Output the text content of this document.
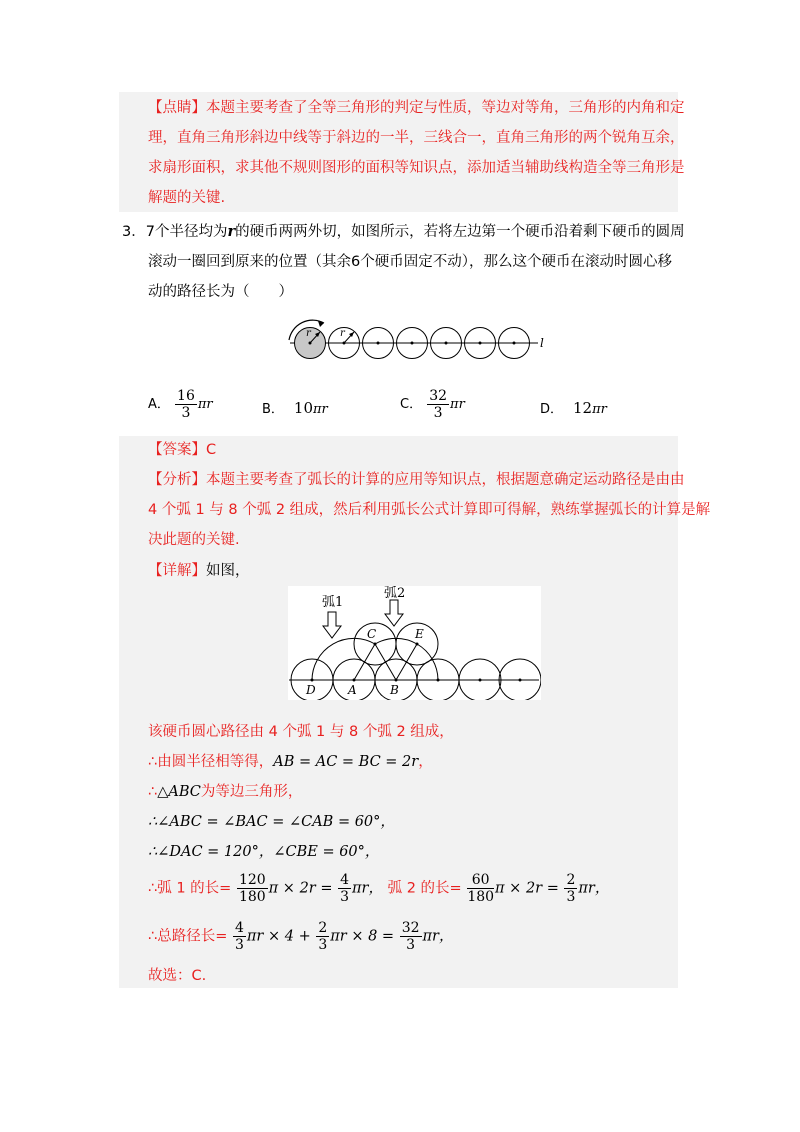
【点睛】本题主要考查了全等三角形的判定与性质，等边对等角，三角形的内角和定
理，直角三角形斜边中线等于斜边的一半，三线合一，直角三角形的两个锐角互余，
求扇形面积，求其他不规则图形的面积等知识点，添加适当辅助线构造全等三角形是
解题的关键.
3．7个半径均为r的硬币两两外切，如图所示，若将左边第一个硬币沿着剩下硬币的圆周
滚动一圈回到原来的位置（其余6个硬币固定不动），那么这个硬币在滚动时圆心移
动的路径长为（　　）
r	r
l
A． $\frac{16}{3}$ πr	B． 10πr	C． $\frac{32}{3}$ πr	D． 12πr
【答案】C
【分析】本题主要考查了弧长的计算的应用等知识点，根据题意确定运动路径是由由
4 个弧 1 与 8 个弧 2 组成，然后利用弧长公式计算即可得解，熟练掌握弧长的计算是解
决此题的关键.
【详解】如图，
弧1
弧2
C	E
D	A	B
该硬币圆心路径由 4 个弧 1 与 8 个弧 2 组成，
∴由圆半径相等得，AB = AC = BC = 2r，
∴△ABC为等边三角形，
∴∠ABC = ∠BAC = ∠CAB = 60°，
∴∠DAC = 120°，∠CBE = 60°，
∴弧 1 的长= $\frac{120}{180}$ $\pi \times 2r = \frac{4}{3}$ πr， 弧 2 的长= $\frac{60}{180}$ $\pi \times 2r = \frac{2}{3}$ πr，
∴总路径长= $\frac{4}{3}$ $\pi r \times 4 + \frac{2}{3}$ $\pi r \times 8 = \frac{32}{3}$ πr，
故选：C.
